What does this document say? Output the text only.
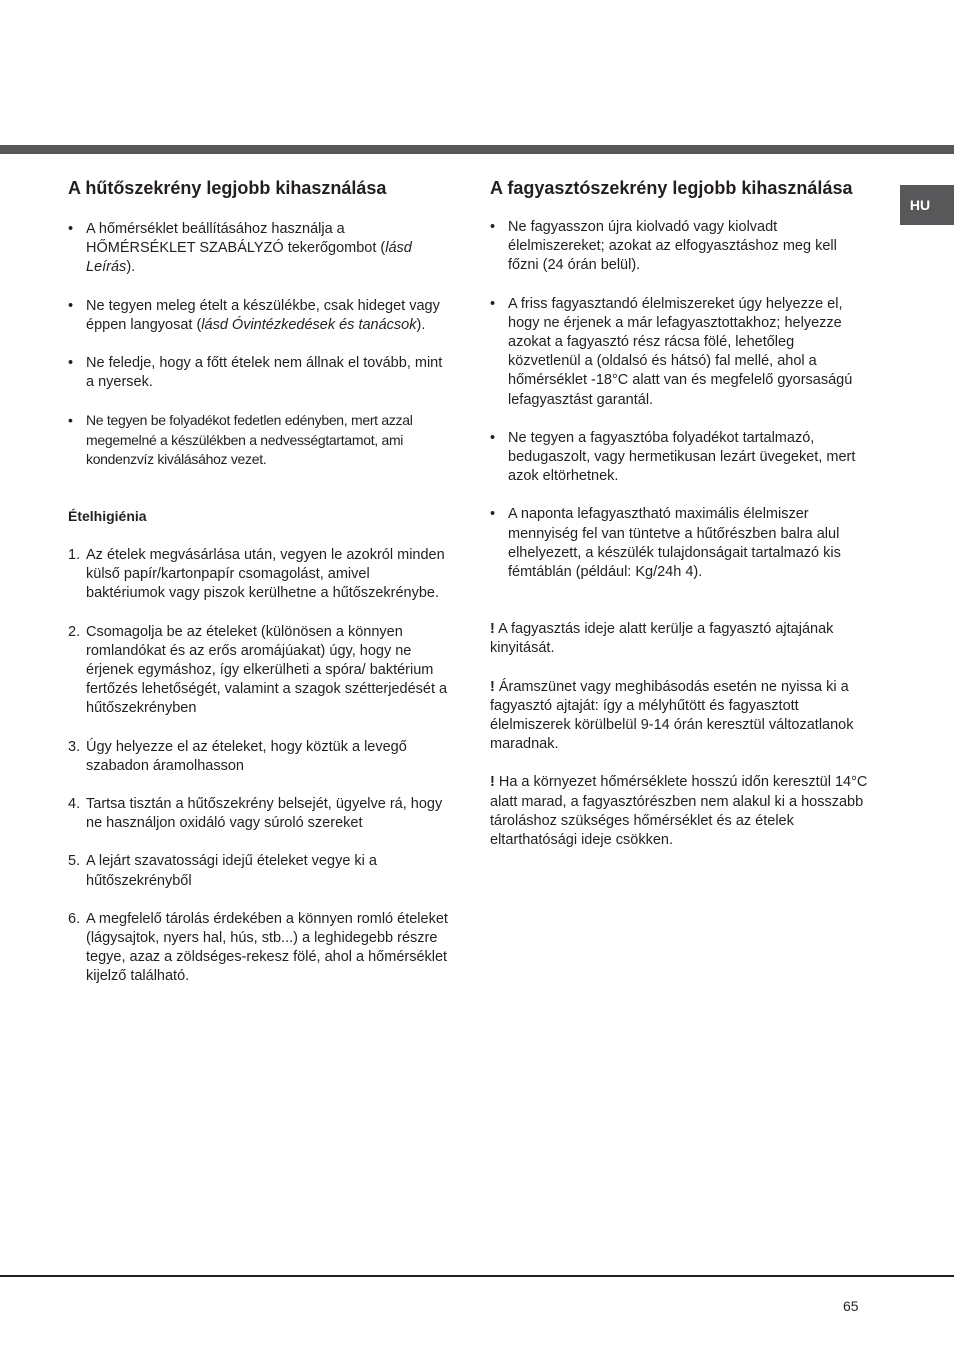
HU
A hűtőszekrény legjobb kihasználása
• A hőmérséklet beállításához használja a HŐMÉRSÉKLET SZABÁLYZÓ tekerőgombot (lásd Leírás).
• Ne tegyen meleg ételt a készülékbe, csak hideget vagy éppen langyosat (lásd Óvintézkedések és tanácsok).
• Ne feledje, hogy a főtt ételek nem állnak el tovább, mint a nyersek.
• Ne tegyen be folyadékot fedetlen edényben, mert azzal megemelné a készülékben a nedvességtartamot, ami kondenzvíz kiválásához vezet.
Ételhigiénia
1. Az ételek megvásárlása után, vegyen le azokról minden külső papír/kartonpapír csomagolást, amivel baktériumok vagy piszok kerülhetne a hűtőszekrénybe.
2. Csomagolja be az ételeket (különösen a könnyen romlandókat és az erős aromájúakat) úgy, hogy ne érjenek egymáshoz, így elkerülheti a spóra/ baktérium fertőzés lehetőségét, valamint a szagok szétterjedését a hűtőszekrényben
3. Úgy helyezze el az ételeket, hogy köztük a levegő szabadon áramolhasson
4. Tartsa tisztán a hűtőszekrény belsejét, ügyelve rá, hogy ne használjon oxidáló vagy súroló szereket
5. A lejárt szavatossági idejű ételeket vegye ki a hűtőszekrényből
6. A megfelelő tárolás érdekében a könnyen romló ételeket (lágysajtok, nyers hal, hús, stb...) a leghidegebb részre tegye, azaz a zöldséges-rekesz fölé, ahol a hőmérséklet kijelző található.
A fagyasztószekrény legjobb kihasználása
• Ne fagyasszon újra kiolvadó vagy kiolvadt élelmiszereket; azokat az elfogyasztáshoz meg kell főzni (24 órán belül).
• A friss fagyasztandó élelmiszereket úgy helyezze el, hogy ne érjenek a már lefagyasztottakhoz; helyezze azokat a fagyasztó rész rácsa fölé, lehetőleg közvetlenül a (oldalsó és hátsó) fal mellé, ahol a hőmérséklet -18°C alatt van és megfelelő gyorsaságú lefagyasztást garantál.
• Ne tegyen a fagyasztóba folyadékot tartalmazó, bedugaszolt, vagy hermetikusan lezárt üvegeket, mert azok eltörhetnek.
• A naponta lefagyasztható maximális élelmiszer mennyiség fel van tüntetve a hűtőrészben balra alul elhelyezett, a készülék tulajdonságait tartalmazó kis fémtáblán (például: Kg/24h 4).

! A fagyasztás ideje alatt kerülje a fagyasztó ajtajának kinyitását.

! Áramszünet vagy meghibásodás esetén ne nyissa ki a fagyasztó ajtaját: így a mélyhűtött és fagyasztott élelmiszerek körülbelül 9-14 órán keresztül változatlanok maradnak.

! Ha a környezet hőmérséklete hosszú időn keresztül 14°C alatt marad, a fagyasztórészben nem alakul ki a hosszabb tároláshoz szükséges hőmérséklet és az ételek eltarthatósági ideje csökken.

65
